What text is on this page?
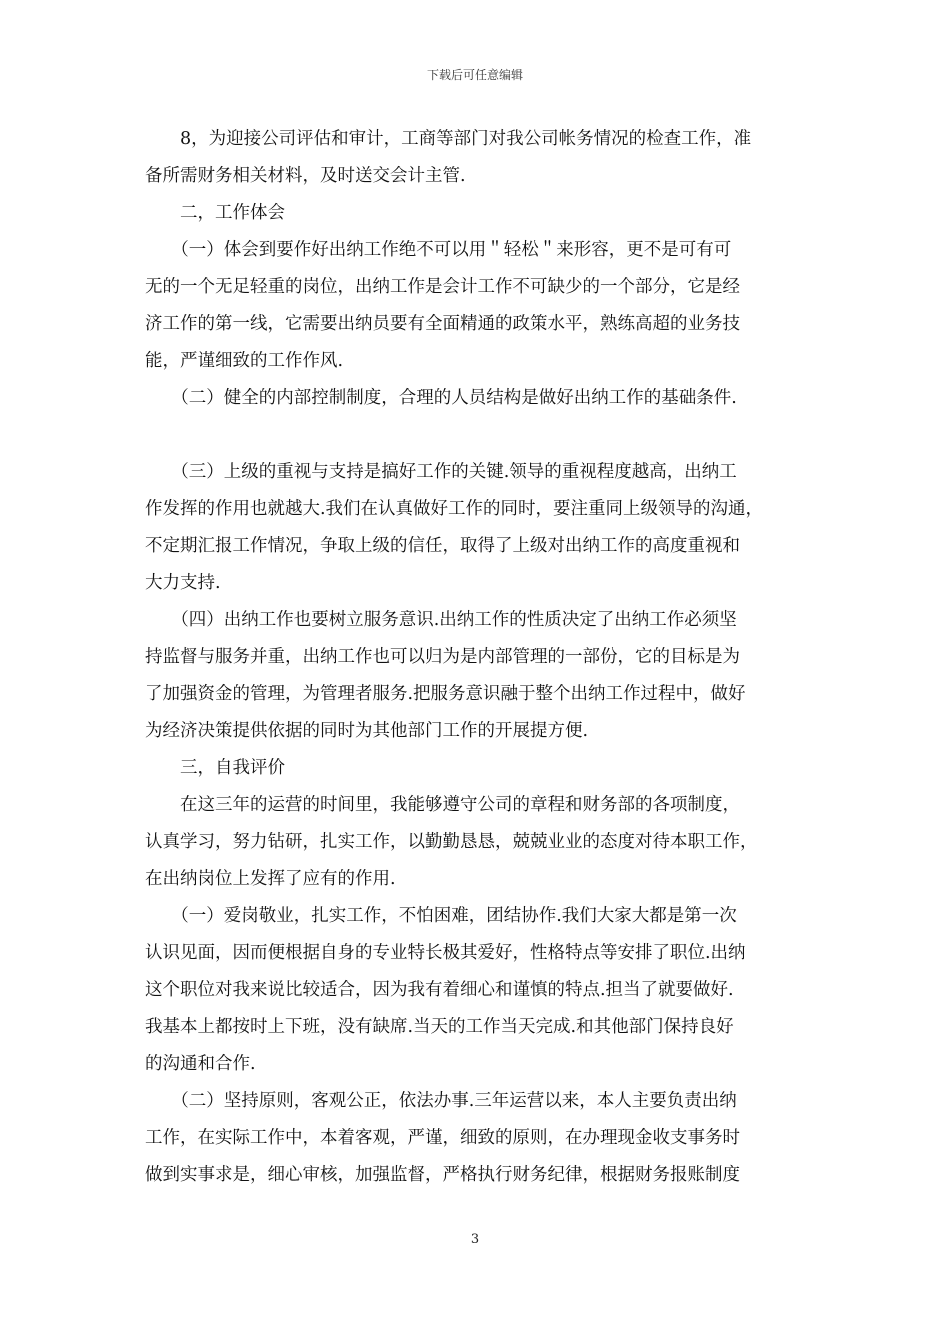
下载后可任意编辑

　　8，为迎接公司评估和审计，工商等部门对我公司帐务情况的检查工作，准
备所需财务相关材料，及时送交会计主管.

　　二，工作体会

　　（一）体会到要作好出纳工作绝不可以用＂轻松＂来形容，更不是可有可
无的一个无足轻重的岗位，出纳工作是会计工作不可缺少的一个部分，它是经
济工作的第一线，它需要出纳员要有全面精通的政策水平，熟练高超的业务技
能，严谨细致的工作作风.

　　（二）健全的内部控制制度，合理的人员结构是做好出纳工作的基础条件.

　　（三）上级的重视与支持是搞好工作的关键.领导的重视程度越高，出纳工
作发挥的作用也就越大.我们在认真做好工作的同时，要注重同上级领导的沟通，
不定期汇报工作情况，争取上级的信任，取得了上级对出纳工作的高度重视和
大力支持.

　　（四）出纳工作也要树立服务意识.出纳工作的性质决定了出纳工作必须坚
持监督与服务并重，出纳工作也可以归为是内部管理的一部份，它的目标是为
了加强资金的管理，为管理者服务.把服务意识融于整个出纳工作过程中，做好
为经济决策提供依据的同时为其他部门工作的开展提方便.

　　三，自我评价

　　在这三年的运营的时间里，我能够遵守公司的章程和财务部的各项制度，
认真学习，努力钻研，扎实工作，以勤勤恳恳，兢兢业业的态度对待本职工作，
在出纳岗位上发挥了应有的作用.

　　（一）爱岗敬业，扎实工作，不怕困难，团结协作.我们大家大都是第一次
认识见面，因而便根据自身的专业特长极其爱好，性格特点等安排了职位.出纳
这个职位对我来说比较适合，因为我有着细心和谨慎的特点.担当了就要做好.
我基本上都按时上下班，没有缺席.当天的工作当天完成.和其他部门保持良好
的沟通和合作.

　　（二）坚持原则，客观公正，依法办事.三年运营以来，本人主要负责出纳
工作，在实际工作中，本着客观，严谨，细致的原则，在办理现金收支事务时
做到实事求是，细心审核，加强监督，严格执行财务纪律，根据财务报账制度

3
